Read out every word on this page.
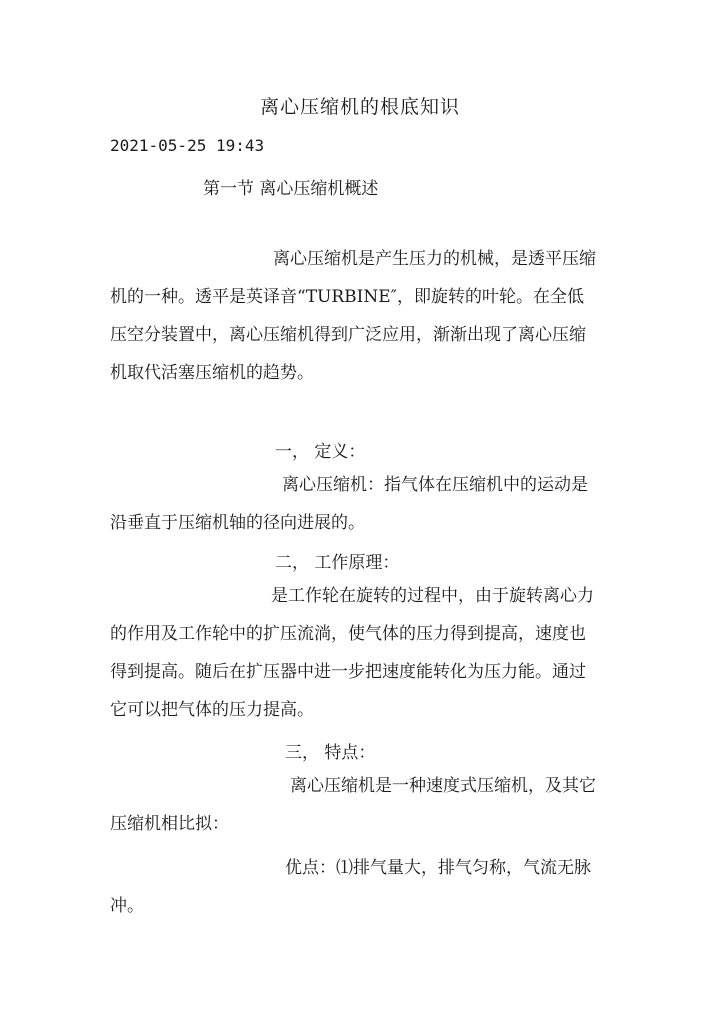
离心压缩机的根底知识
2021-05-25 19:43
第一节 离心压缩机概述
离心压缩机是产生压力的机械，是透平压缩
机的一种。透平是英译音“TURBINE″，即旋转的叶轮。在全低
压空分装置中，离心压缩机得到广泛应用，渐渐出现了离心压缩
机取代活塞压缩机的趋势。
一， 定义：
离心压缩机：指气体在压缩机中的运动是
沿垂直于压缩机轴的径向进展的。
二， 工作原理：
是工作轮在旋转的过程中，由于旋转离心力
的作用及工作轮中的扩压流淌，使气体的压力得到提高，速度也
得到提高。随后在扩压器中进一步把速度能转化为压力能。通过
它可以把气体的压力提高。
三， 特点：
离心压缩机是一种速度式压缩机，及其它
压缩机相比拟：
优点：⑴排气量大，排气匀称，气流无脉
冲。
